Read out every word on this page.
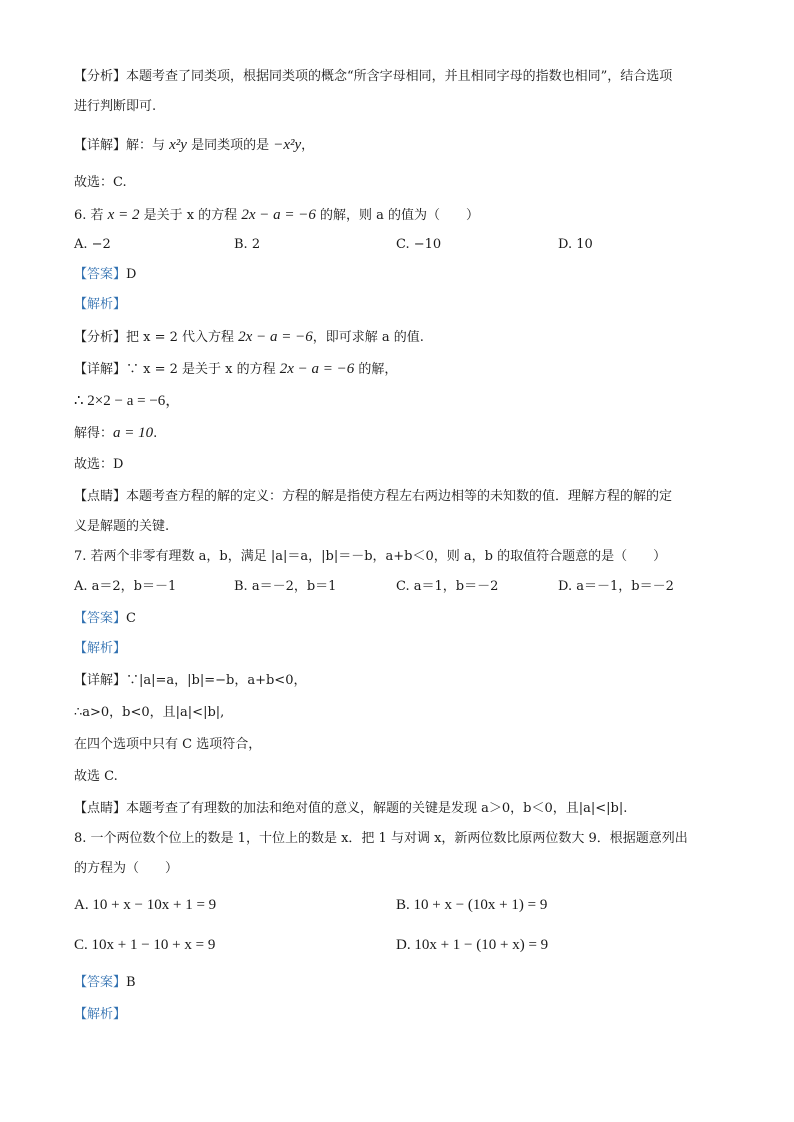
【分析】本题考查了同类项，根据同类项的概念“所含字母相同，并且相同字母的指数也相同”，结合选项
进行判断即可.
【详解】解：与 x²y 是同类项的是 −x²y，
故选：C.
6. 若 x = 2 是关于 x 的方程 2x − a = −6 的解，则 a 的值为（　　）
A. −2	B. 2	C. −10	D. 10
【答案】D
【解析】
【分析】把 x = 2 代入方程 2x − a = −6，即可求解 a 的值.
【详解】∵ x = 2 是关于 x 的方程 2x − a = −6 的解，
∴ 2×2 − a = −6，
解得：a = 10.
故选：D
【点睛】本题考查方程的解的定义：方程的解是指使方程左右两边相等的未知数的值．理解方程的解的定
义是解题的关键.
7. 若两个非零有理数 a，b，满足 |a|＝a，|b|＝－b，a+b＜0，则 a，b 的取值符合题意的是（　　）
A. a＝2，b＝－1	B. a＝－2，b＝1	C. a＝1，b＝－2	D. a＝－1，b＝－2
【答案】C
【解析】
【详解】∵|a|=a，|b|=−b，a+b<0，
∴a>0，b<0，且|a|<|b|,
在四个选项中只有 C 选项符合，
故选 C.
【点睛】本题考查了有理数的加法和绝对值的意义，解题的关键是发现 a＞0，b＜0，且|a|<|b|.
8. 一个两位数个位上的数是 1，十位上的数是 x．把 1 与对调 x，新两位数比原两位数大 9．根据题意列出
的方程为（　　）
A. 10 + x − 10x + 1 = 9	B. 10 + x − (10x + 1) = 9
C. 10x + 1 − 10 + x = 9	D. 10x + 1 − (10 + x) = 9
【答案】B
【解析】
